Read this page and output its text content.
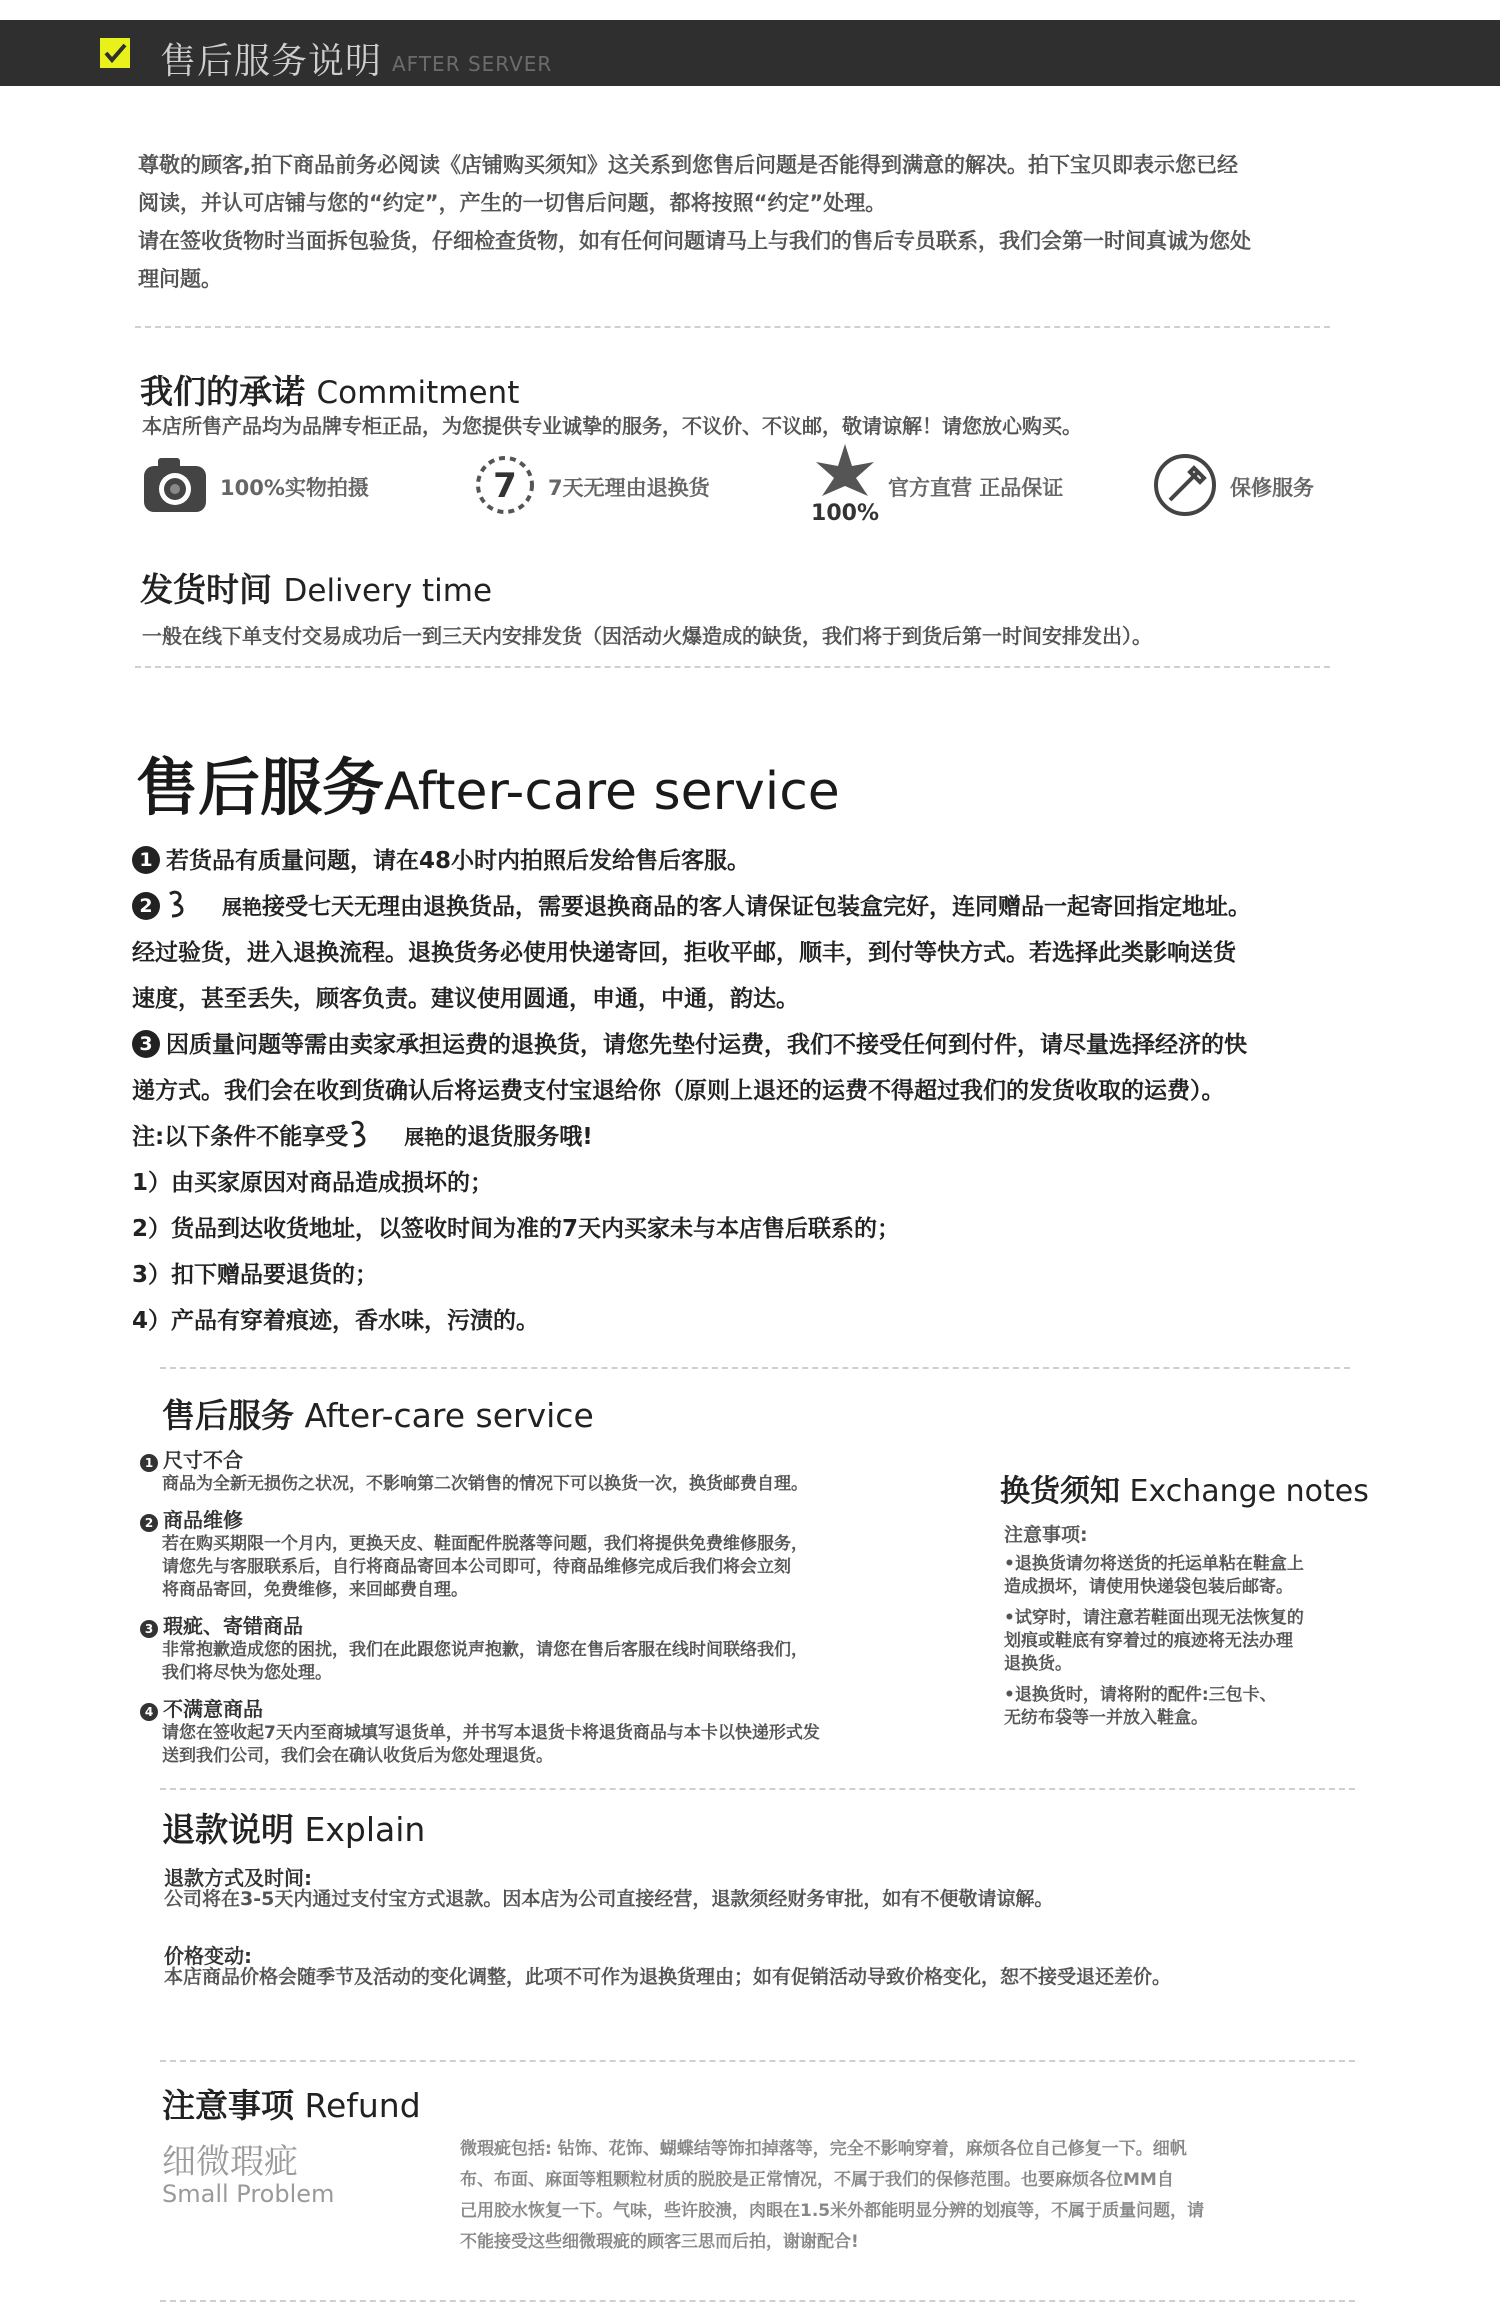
售后服务说明 AFTER SERVER
尊敬的顾客,拍下商品前务必阅读《店铺购买须知》这关系到您售后问题是否能得到满意的解决。拍下宝贝即表示您已经
阅读，并认可店铺与您的“约定”，产生的一切售后问题，都将按照“约定”处理。
请在签收货物时当面拆包验货，仔细检查货物，如有任何问题请马上与我们的售后专员联系，我们会第一时间真诚为您处
理问题。
我们的承诺 Commitment
本店所售产品均为品牌专柜正品，为您提供专业诚挚的服务，不议价、不议邮，敬请谅解！请您放心购买。
100%实物拍摄	7 7天无理由退换货
100%
官方直营 正品保证	保修服务
发货时间 Delivery time
一般在线下单支付交易成功后一到三天内安排发货（因活动火爆造成的缺货，我们将于到货后第一时间安排发出）。
售后服务After-care service
1 若货品有质量问题，请在48小时内拍照后发给售后客服。
2	展艳接受七天无理由退换货品，需要退换商品的客人请保证包装盒完好，连同赠品一起寄回指定地址。
经过验货，进入退换流程。退换货务必使用快递寄回，拒收平邮，顺丰，到付等快方式。若选择此类影响送货
速度，甚至丢失，顾客负责。建议使用圆通，申通，中通，韵达。
3 因质量问题等需由卖家承担运费的退换货，请您先垫付运费，我们不接受任何到付件，请尽量选择经济的快
递方式。我们会在收到货确认后将运费支付宝退给你（原则上退还的运费不得超过我们的发货收取的运费）。
注:以下条件不能享受	展艳的退货服务哦!
1）由买家原因对商品造成损坏的；
2）货品到达收货地址，以签收时间为准的7天内买家未与本店售后联系的；
3）扣下赠品要退货的；
4）产品有穿着痕迹，香水味，污渍的。
售后服务 After-care service
1 尺寸不合
商品为全新无损伤之状况，不影响第二次销售的情况下可以换货一次，换货邮费自理。
2 商品维修
若在购买期限一个月内，更换天皮、鞋面配件脱落等问题，我们将提供免费维修服务，
请您先与客服联系后，自行将商品寄回本公司即可，待商品维修完成后我们将会立刻
将商品寄回，免费维修，来回邮费自理。
3 瑕疵、寄错商品
非常抱歉造成您的困扰，我们在此跟您说声抱歉，请您在售后客服在线时间联络我们，
我们将尽快为您处理。
4 不满意商品
请您在签收起7天内至商城填写退货单，并书写本退货卡将退货商品与本卡以快递形式发
送到我们公司，我们会在确认收货后为您处理退货。
换货须知 Exchange notes
注意事项:
•退换货请勿将送货的托运单粘在鞋盒上
造成损坏，请使用快递袋包装后邮寄。
•试穿时，请注意若鞋面出现无法恢复的
划痕或鞋底有穿着过的痕迹将无法办理
退换货。
•退换货时，请将附的配件:三包卡、
无纺布袋等一并放入鞋盒。
退款说明 Explain
退款方式及时间:
公司将在3-5天内通过支付宝方式退款。因本店为公司直接经营，退款须经财务审批，如有不便敬请谅解。
价格变动:
本店商品价格会随季节及活动的变化调整，此项不可作为退换货理由；如有促销活动导致价格变化，恕不接受退还差价。
注意事项 Refund
细微瑕疵
Small Problem
微瑕疵包括: 钻饰、花饰、蝴蝶结等饰扣掉落等，完全不影响穿着，麻烦各位自己修复一下。细帆
布、布面、麻面等粗颗粒材质的脱胶是正常情况，不属于我们的保修范围。也要麻烦各位MM自
己用胶水恢复一下。气味，些许胶溃，肉眼在1.5米外都能明显分辨的划痕等，不属于质量问题，请
不能接受这些细微瑕疵的顾客三思而后拍，谢谢配合!
